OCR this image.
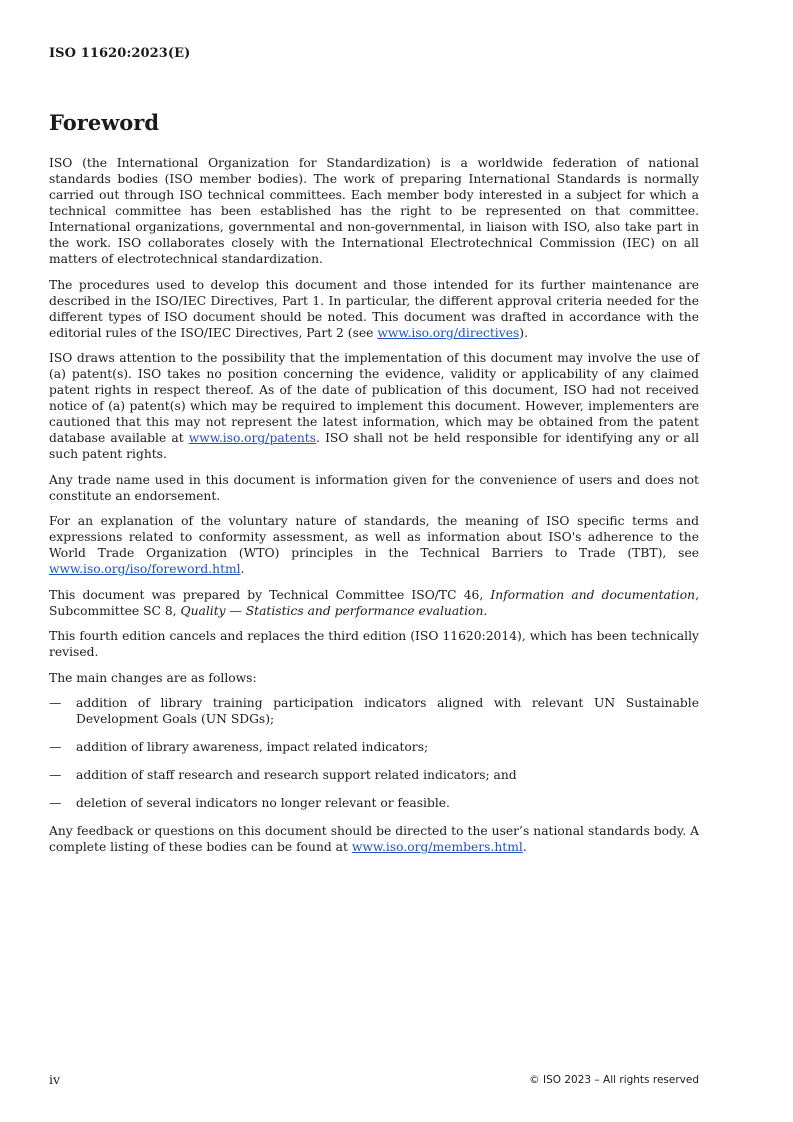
ISO 11620:2023(E)
Foreword

ISO (the International Organization for Standardization) is a worldwide federation of national standards bodies (ISO member bodies). The work of preparing International Standards is normally carried out through ISO technical committees. Each member body interested in a subject for which a technical committee has been established has the right to be represented on that committee. International organizations, governmental and non-governmental, in liaison with ISO, also take part in the work. ISO collaborates closely with the International Electrotechnical Commission (IEC) on all matters of electrotechnical standardization.

The procedures used to develop this document and those intended for its further maintenance are described in the ISO/IEC Directives, Part 1. In particular, the different approval criteria needed for the different types of ISO document should be noted. This document was drafted in accordance with the editorial rules of the ISO/IEC Directives, Part 2 (see www.iso.org/directives).

ISO draws attention to the possibility that the implementation of this document may involve the use of (a) patent(s). ISO takes no position concerning the evidence, validity or applicability of any claimed patent rights in respect thereof. As of the date of publication of this document, ISO had not received notice of (a) patent(s) which may be required to implement this document. However, implementers are cautioned that this may not represent the latest information, which may be obtained from the patent database available at www.iso.org/patents. ISO shall not be held responsible for identifying any or all such patent rights.

Any trade name used in this document is information given for the convenience of users and does not constitute an endorsement.

For an explanation of the voluntary nature of standards, the meaning of ISO specific terms and expressions related to conformity assessment, as well as information about ISO's adherence to the World Trade Organization (WTO) principles in the Technical Barriers to Trade (TBT), see www.iso.org/iso/foreword.html.

This document was prepared by Technical Committee ISO/TC 46, Information and documentation, Subcommittee SC 8, Quality — Statistics and performance evaluation.

This fourth edition cancels and replaces the third edition (ISO 11620:2014), which has been technically revised.

The main changes are as follows:

— addition of library training participation indicators aligned with relevant UN Sustainable Development Goals (UN SDGs);
— addition of library awareness, impact related indicators;
— addition of staff research and research support related indicators; and
— deletion of several indicators no longer relevant or feasible.

Any feedback or questions on this document should be directed to the user’s national standards body. A complete listing of these bodies can be found at www.iso.org/members.html.

iv	© ISO 2023 – All rights reserved
